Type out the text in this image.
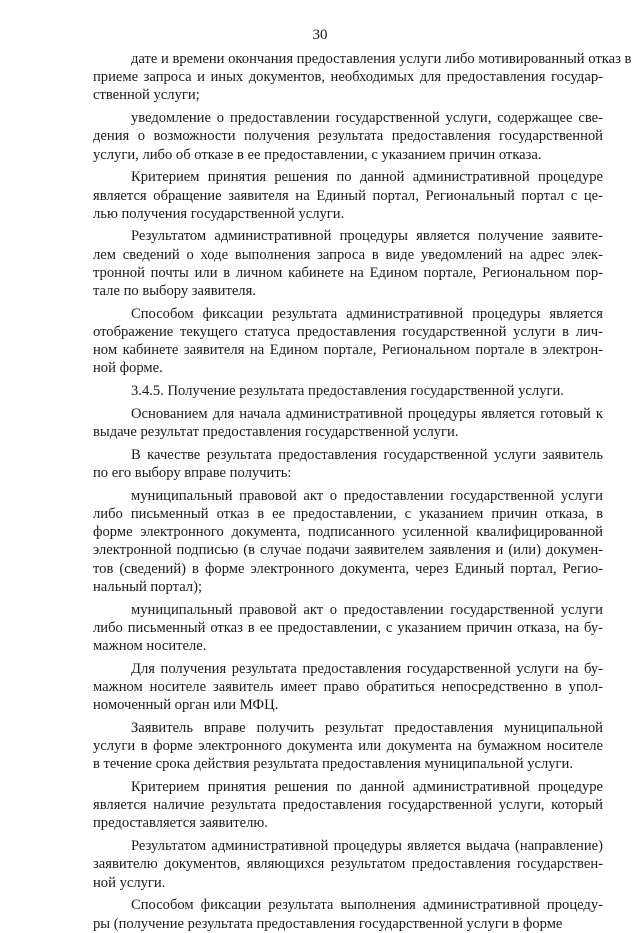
30
дате и времени окончания предоставления услуги либо мотивированный отказ в
приеме запроса и иных документов, необходимых для предоставления государ-
ственной услуги;
уведомление о предоставлении государственной услуги, содержащее све-
дения о возможности получения результата предоставления государственной
услуги, либо об отказе в ее предоставлении, с указанием причин отказа.
Критерием принятия решения по данной административной процедуре
является обращение заявителя на Единый портал, Региональный портал с це-
лью получения государственной услуги.
Результатом административной процедуры является получение заявите-
лем сведений о ходе выполнения запроса в виде уведомлений на адрес элек-
тронной почты или в личном кабинете на Едином портале, Региональном пор-
тале по выбору заявителя.
Способом фиксации результата административной процедуры является
отображение текущего статуса предоставления государственной услуги в лич-
ном кабинете заявителя на Едином портале, Региональном портале в электрон-
ной форме.
3.4.5. Получение результата предоставления государственной услуги.
Основанием для начала административной процедуры является готовый к
выдаче результат предоставления государственной услуги.
В качестве результата предоставления государственной услуги заявитель
по его выбору вправе получить:
муниципальный правовой акт о предоставлении государственной услуги
либо письменный отказ в ее предоставлении, с указанием причин отказа, в
форме электронного документа, подписанного усиленной квалифицированной
электронной подписью (в случае подачи заявителем заявления и (или) докумен-
тов (сведений) в форме электронного документа, через Единый портал, Регио-
нальный портал);
муниципальный правовой акт о предоставлении государственной услуги
либо письменный отказ в ее предоставлении, с указанием причин отказа, на бу-
мажном носителе.
Для получения результата предоставления государственной услуги на бу-
мажном носителе заявитель имеет право обратиться непосредственно в упол-
номоченный орган или МФЦ.
Заявитель вправе получить результат предоставления муниципальной
услуги в форме электронного документа или документа на бумажном носителе
в течение срока действия результата предоставления муниципальной услуги.
Критерием принятия решения по данной административной процедуре
является наличие результата предоставления государственной услуги, который
предоставляется заявителю.
Результатом административной процедуры является выдача (направление)
заявителю документов, являющихся результатом предоставления государствен-
ной услуги.
Способом фиксации результата выполнения административной процеду-
ры (получение результата предоставления государственной услуги в форме
